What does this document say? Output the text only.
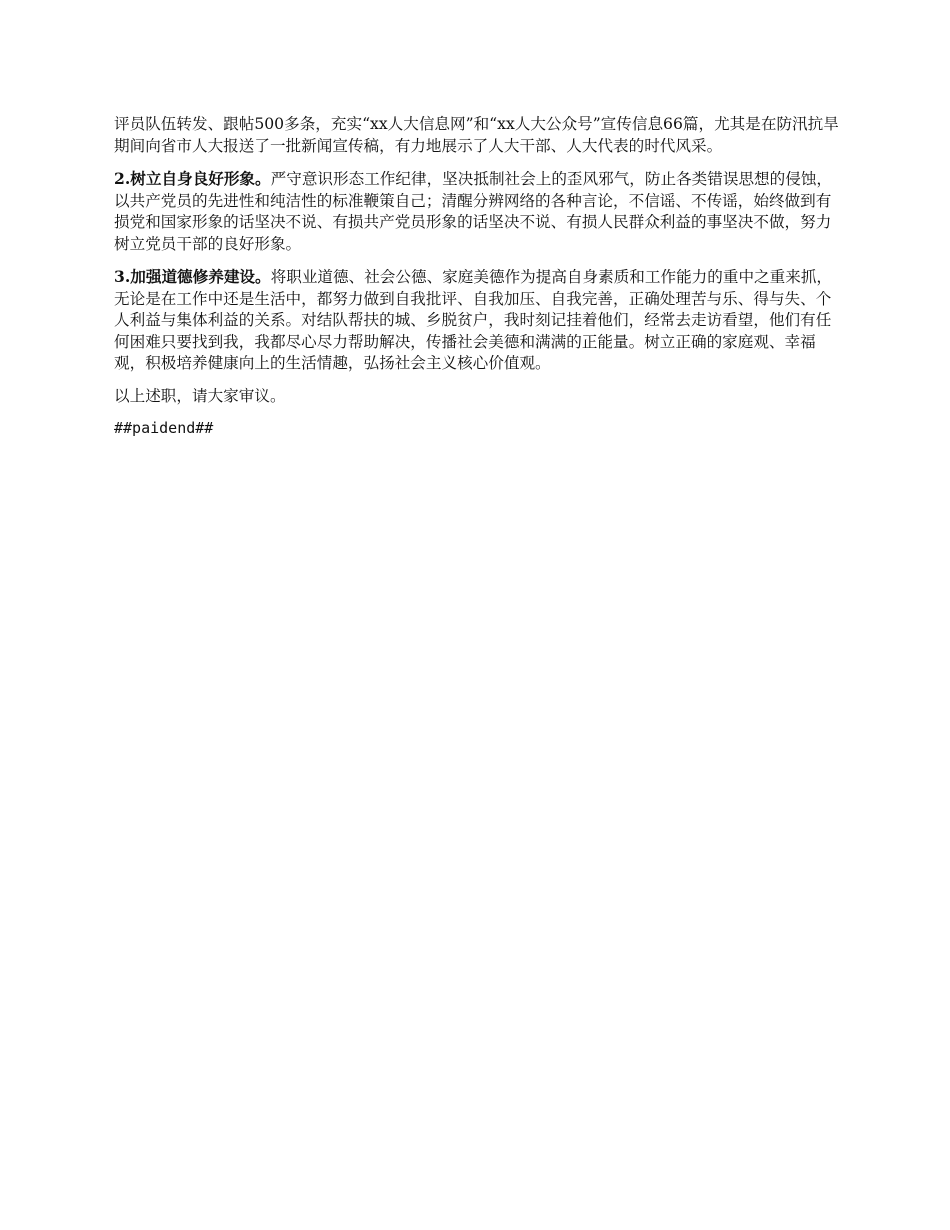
评员队伍转发、跟帖500多条，充实“xx人大信息网”和“xx人大公众号”宣传信息66篇，尤其是在防汛抗旱期间向省市人大报送了一批新闻宣传稿，有力地展示了人大干部、人大代表的时代风采。

2.树立自身良好形象。严守意识形态工作纪律，坚决抵制社会上的歪风邪气，防止各类错误思想的侵蚀，以共产党员的先进性和纯洁性的标准鞭策自己；清醒分辨网络的各种言论，不信谣、不传谣，始终做到有损党和国家形象的话坚决不说、有损共产党员形象的话坚决不说、有损人民群众利益的事坚决不做，努力树立党员干部的良好形象。

3.加强道德修养建设。将职业道德、社会公德、家庭美德作为提高自身素质和工作能力的重中之重来抓，无论是在工作中还是生活中，都努力做到自我批评、自我加压、自我完善，正确处理苦与乐、得与失、个人利益与集体利益的关系。对结队帮扶的城、乡脱贫户，我时刻记挂着他们，经常去走访看望，他们有任何困难只要找到我，我都尽心尽力帮助解决，传播社会美德和满满的正能量。树立正确的家庭观、幸福观，积极培养健康向上的生活情趣，弘扬社会主义核心价值观。

以上述职，请大家审议。

##paidend##
